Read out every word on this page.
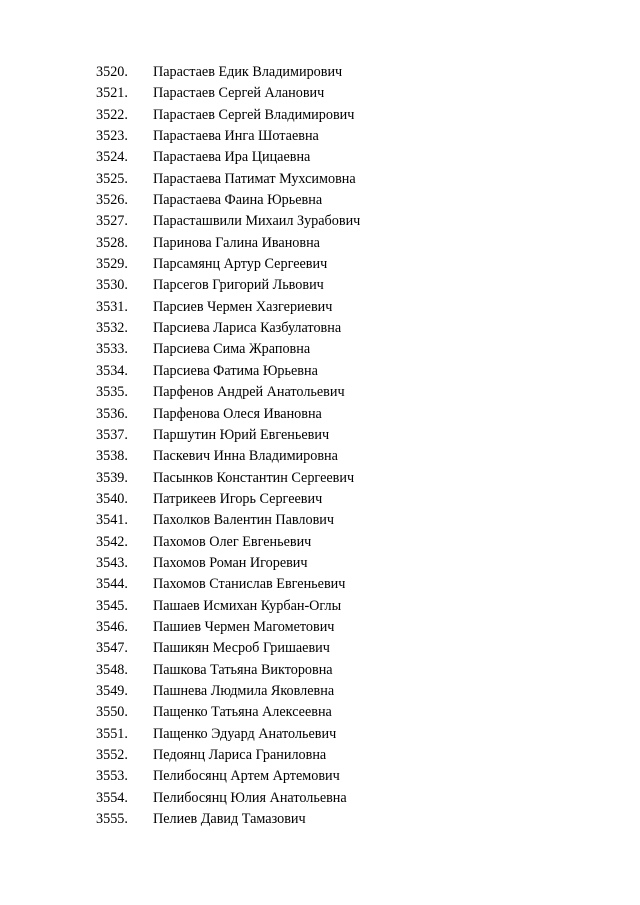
3520. Парастаев Едик Владимирович
3521. Парастаев Сергей Аланович
3522. Парастаев Сергей Владимирович
3523. Парастаева Инга Шотаевна
3524. Парастаева Ира Цицаевна
3525. Парастаева Патимат Мухсимовна
3526. Парастаева Фаина Юрьевна
3527. Парасташвили Михаил Зурабович
3528. Паринова Галина Ивановна
3529. Парсамянц Артур Сергеевич
3530. Парсегов Григорий Львович
3531. Парсиев Чермен Хазгериевич
3532. Парсиева Лариса Казбулатовна
3533. Парсиева Сима Жраповна
3534. Парсиева Фатима Юрьевна
3535. Парфенов Андрей Анатольевич
3536. Парфенова Олеся Ивановна
3537. Паршутин Юрий Евгеньевич
3538. Паскевич Инна Владимировна
3539. Пасынков Константин Сергеевич
3540. Патрикеев Игорь Сергеевич
3541. Пахолков Валентин Павлович
3542. Пахомов Олег Евгеньевич
3543. Пахомов Роман Игоревич
3544. Пахомов Станислав Евгеньевич
3545. Пашаев Исмихан Курбан-Оглы
3546. Пашиев Чермен Магометович
3547. Пашикян Месроб Гришаевич
3548. Пашкова Татьяна Викторовна
3549. Пашнева Людмила Яковлевна
3550. Пащенко Татьяна Алексеевна
3551. Пащенко Эдуард Анатольевич
3552. Педоянц Лариса Граниловна
3553. Пелибосянц Артем Артемович
3554. Пелибосянц Юлия Анатольевна
3555. Пелиев Давид Тамазович
